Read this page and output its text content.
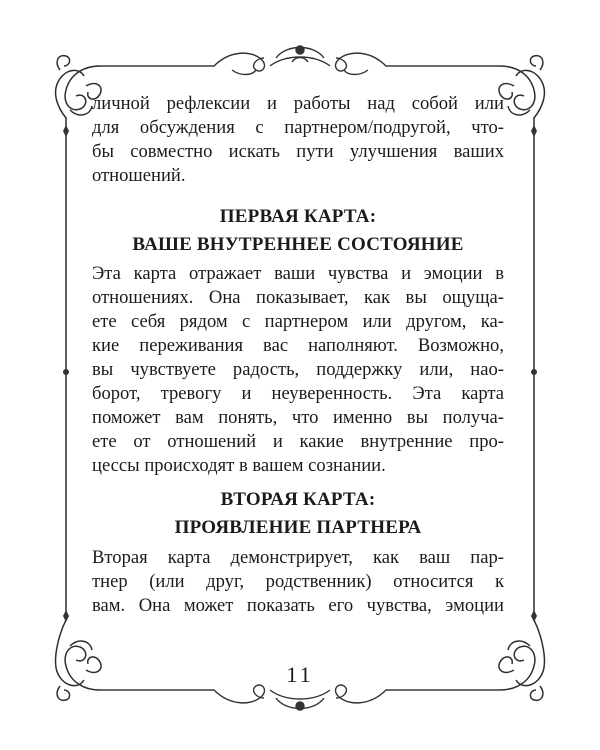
личной рефлексии и работы над собой или
для обсуждения с партнером/подругой, что-
бы совместно искать пути улучшения ваших
отношений.
ПЕРВАЯ КАРТА:
ВАШЕ ВНУТРЕННЕЕ СОСТОЯНИЕ
Эта карта отражает ваши чувства и эмоции в
отношениях. Она показывает, как вы ощуща-
ете себя рядом с партнером или другом, ка-
кие переживания вас наполняют. Возможно,
вы чувствуете радость, поддержку или, нао-
борот, тревогу и неуверенность. Эта карта
поможет вам понять, что именно вы получа-
ете от отношений и какие внутренние про-
цессы происходят в вашем сознании.
ВТОРАЯ КАРТА:
ПРОЯВЛЕНИЕ ПАРТНЕРА
Вторая карта демонстрирует, как ваш пар-
тнер (или друг, родственник) относится к
вам. Она может показать его чувства, эмоции
11
